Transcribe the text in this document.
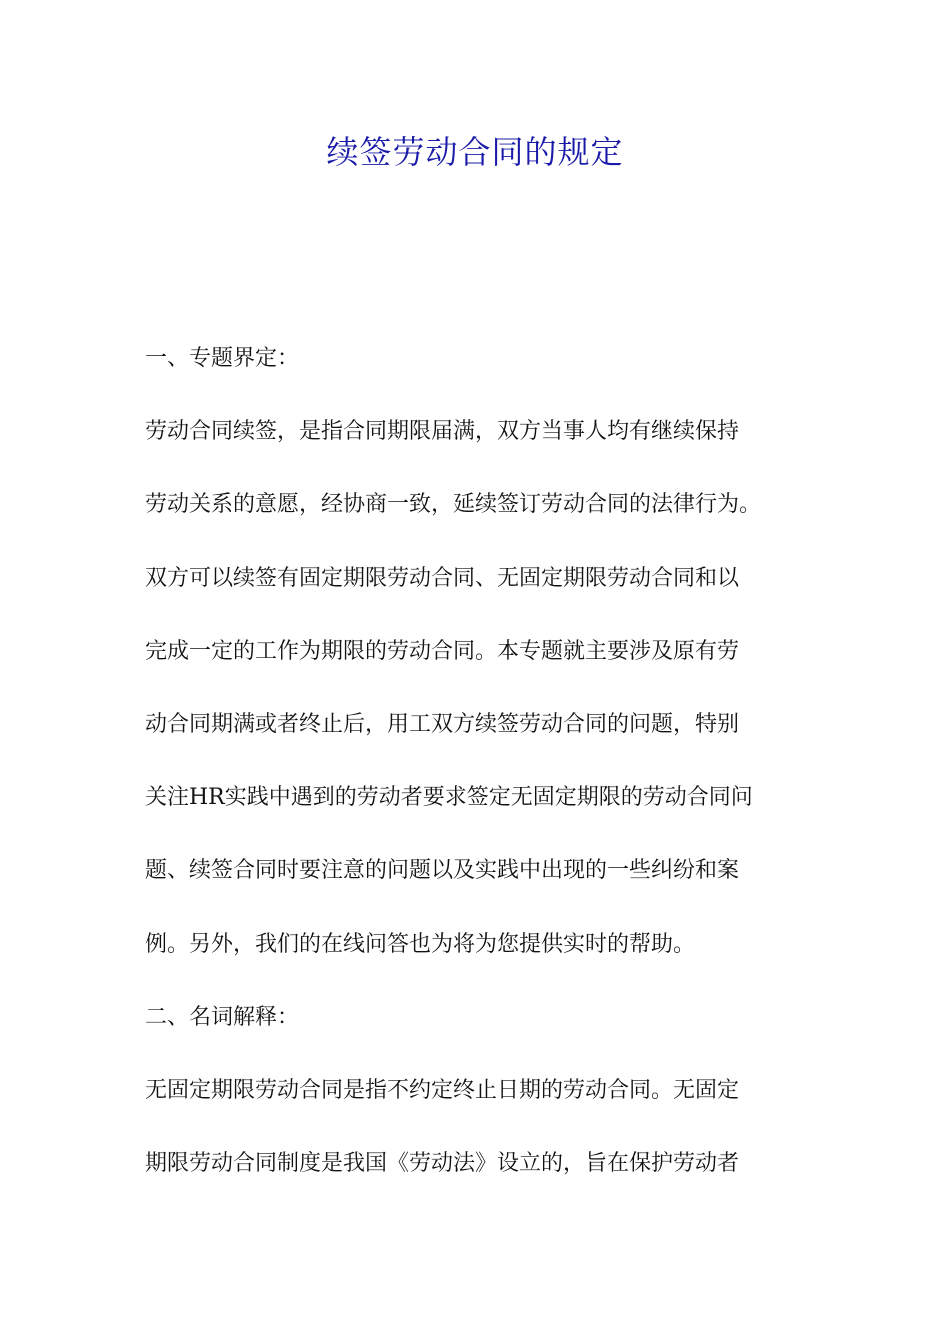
续签劳动合同的规定

一、专题界定：

劳动合同续签，是指合同期限届满，双方当事人均有继续保持

劳动关系的意愿，经协商一致，延续签订劳动合同的法律行为。

双方可以续签有固定期限劳动合同、无固定期限劳动合同和以

完成一定的工作为期限的劳动合同。本专题就主要涉及原有劳

动合同期满或者终止后，用工双方续签劳动合同的问题，特别

关注HR实践中遇到的劳动者要求签定无固定期限的劳动合同问

题、续签合同时要注意的问题以及实践中出现的一些纠纷和案

例。另外，我们的在线问答也为将为您提供实时的帮助。

二、名词解释：

无固定期限劳动合同是指不约定终止日期的劳动合同。无固定

期限劳动合同制度是我国《劳动法》设立的，旨在保护劳动者
